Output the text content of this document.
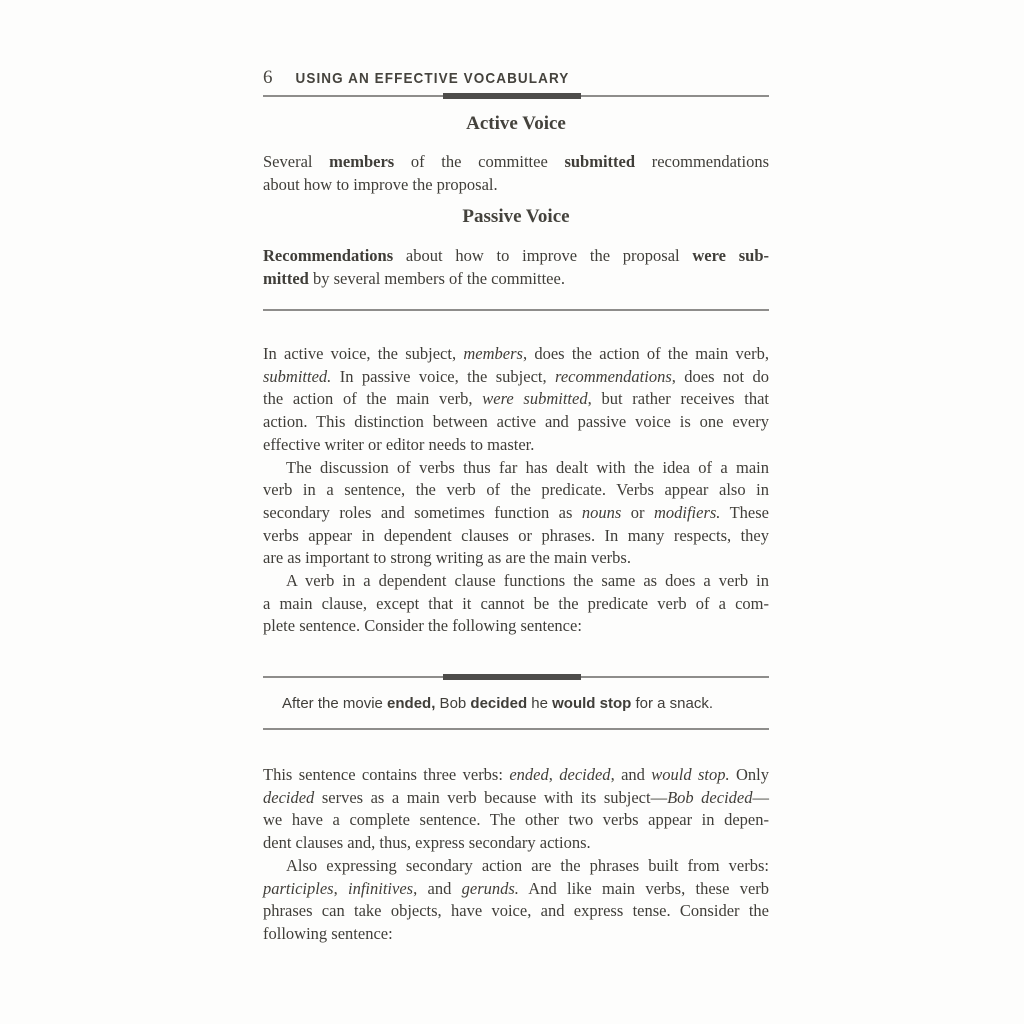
6 USING AN EFFECTIVE VOCABULARY
Active Voice
Several members of the committee submitted recommendations
about how to improve the proposal.
Passive Voice
Recommendations about how to improve the proposal were sub-
mitted by several members of the committee.
In active voice, the subject, members, does the action of the main verb,
submitted. In passive voice, the subject, recommendations, does not do
the action of the main verb, were submitted, but rather receives that
action. This distinction between active and passive voice is one every
effective writer or editor needs to master.
The discussion of verbs thus far has dealt with the idea of a main
verb in a sentence, the verb of the predicate. Verbs appear also in
secondary roles and sometimes function as nouns or modifiers. These
verbs appear in dependent clauses or phrases. In many respects, they
are as important to strong writing as are the main verbs.
A verb in a dependent clause functions the same as does a verb in
a main clause, except that it cannot be the predicate verb of a com-
plete sentence. Consider the following sentence:
After the movie ended, Bob decided he would stop for a snack.
This sentence contains three verbs: ended, decided, and would stop. Only
decided serves as a main verb because with its subject—Bob decided—
we have a complete sentence. The other two verbs appear in depen-
dent clauses and, thus, express secondary actions.
Also expressing secondary action are the phrases built from verbs:
participles, infinitives, and gerunds. And like main verbs, these verb
phrases can take objects, have voice, and express tense. Consider the
following sentence:
